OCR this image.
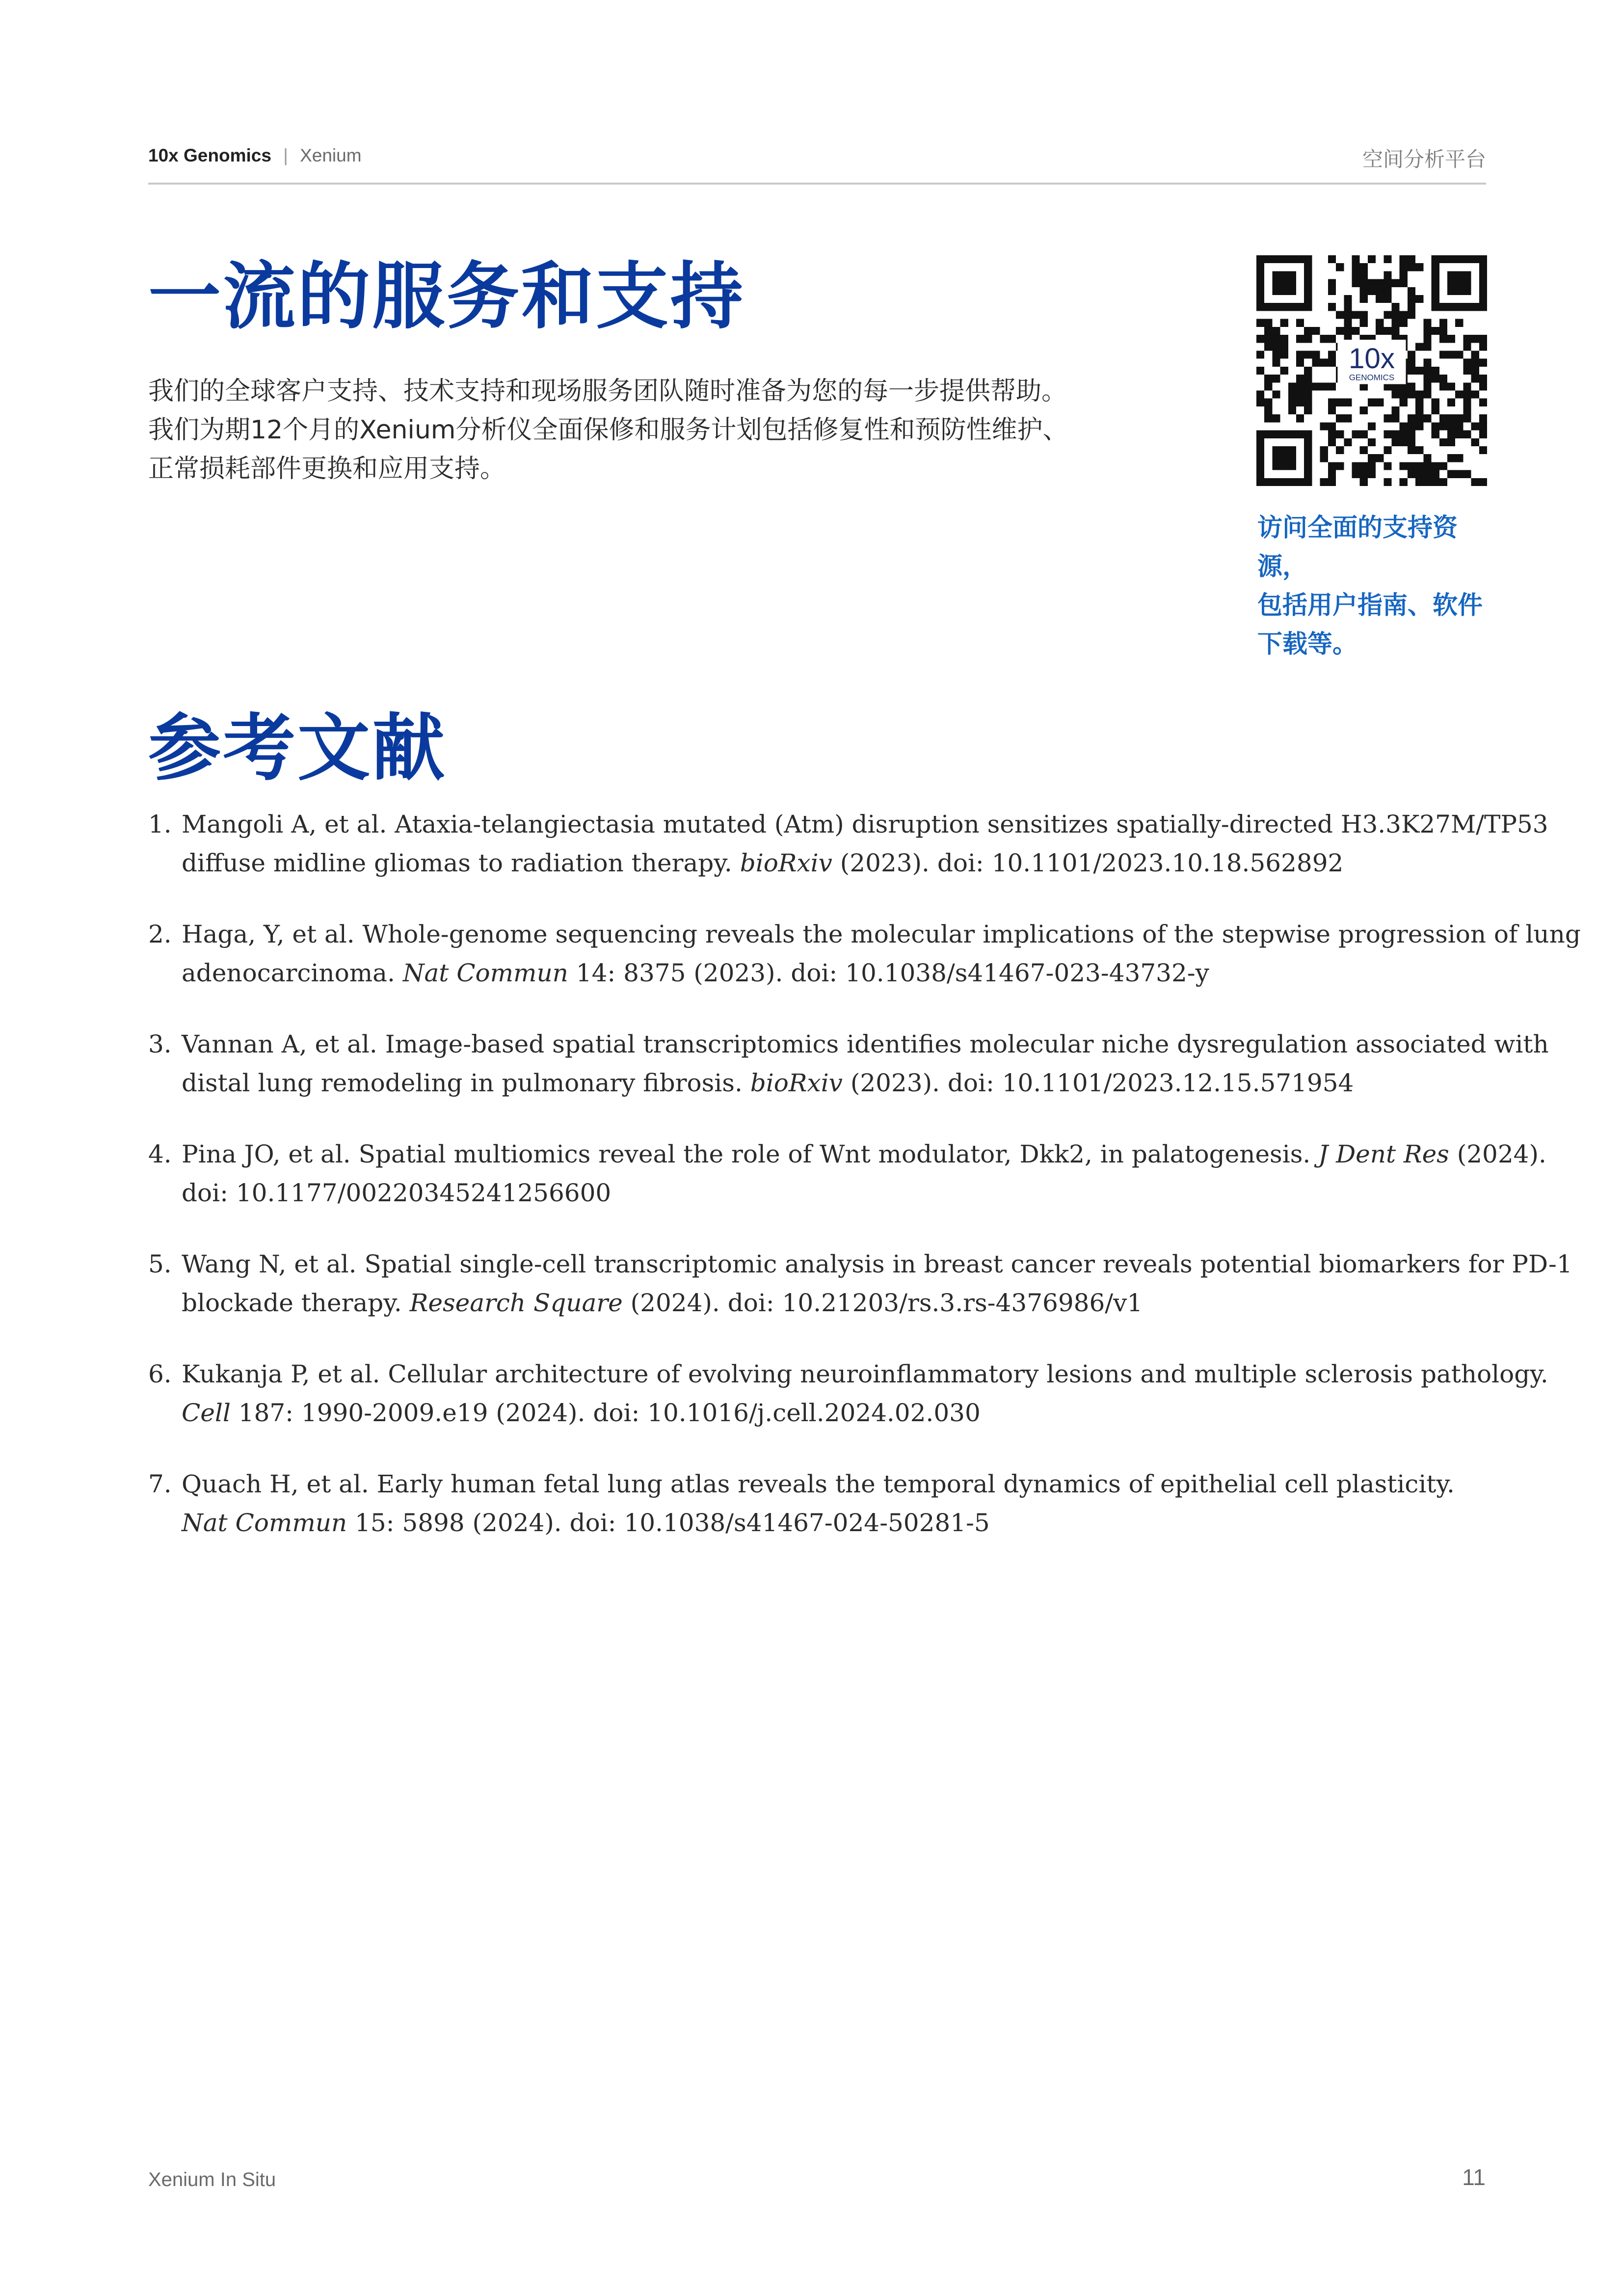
10x Genomics | Xenium	空间分析平台
一流的服务和支持

我们的全球客户支持、技术支持和现场服务团队随时准备为您的每一步提供帮助。

我们为期12个月的Xenium分析仪全面保修和服务计划包括修复性和预防性维护、

正常损耗部件更换和应用支持。

10x
GENOMICS

访问全面的支持资源，

包括用户指南、软件

下载等。

参考文献
1. Mangoli A, et al. Ataxia-telangiectasia mutated (Atm) disruption sensitizes spatially-directed H3.3K27M/TP53
diffuse midline gliomas to radiation therapy. bioRxiv (2023). doi: 10.1101/2023.10.18.562892
2. Haga, Y, et al. Whole-genome sequencing reveals the molecular implications of the stepwise progression of lung
adenocarcinoma. Nat Commun 14: 8375 (2023). doi: 10.1038/s41467-023-43732-y
3. Vannan A, et al. Image-based spatial transcriptomics identifies molecular niche dysregulation associated with
distal lung remodeling in pulmonary fibrosis. bioRxiv (2023). doi: 10.1101/2023.12.15.571954
4. Pina JO, et al. Spatial multiomics reveal the role of Wnt modulator, Dkk2, in palatogenesis. J Dent Res (2024).
doi: 10.1177/00220345241256600
5. Wang N, et al. Spatial single-cell transcriptomic analysis in breast cancer reveals potential biomarkers for PD-1
blockade therapy. Research Square (2024). doi: 10.21203/rs.3.rs-4376986/v1
6. Kukanja P, et al. Cellular architecture of evolving neuroinflammatory lesions and multiple sclerosis pathology.
Cell 187: 1990-2009.e19 (2024). doi: 10.1016/j.cell.2024.02.030
7. Quach H, et al. Early human fetal lung atlas reveals the temporal dynamics of epithelial cell plasticity.
Nat Commun 15: 5898 (2024). doi: 10.1038/s41467-024-50281-5
Xenium In Situ	11
